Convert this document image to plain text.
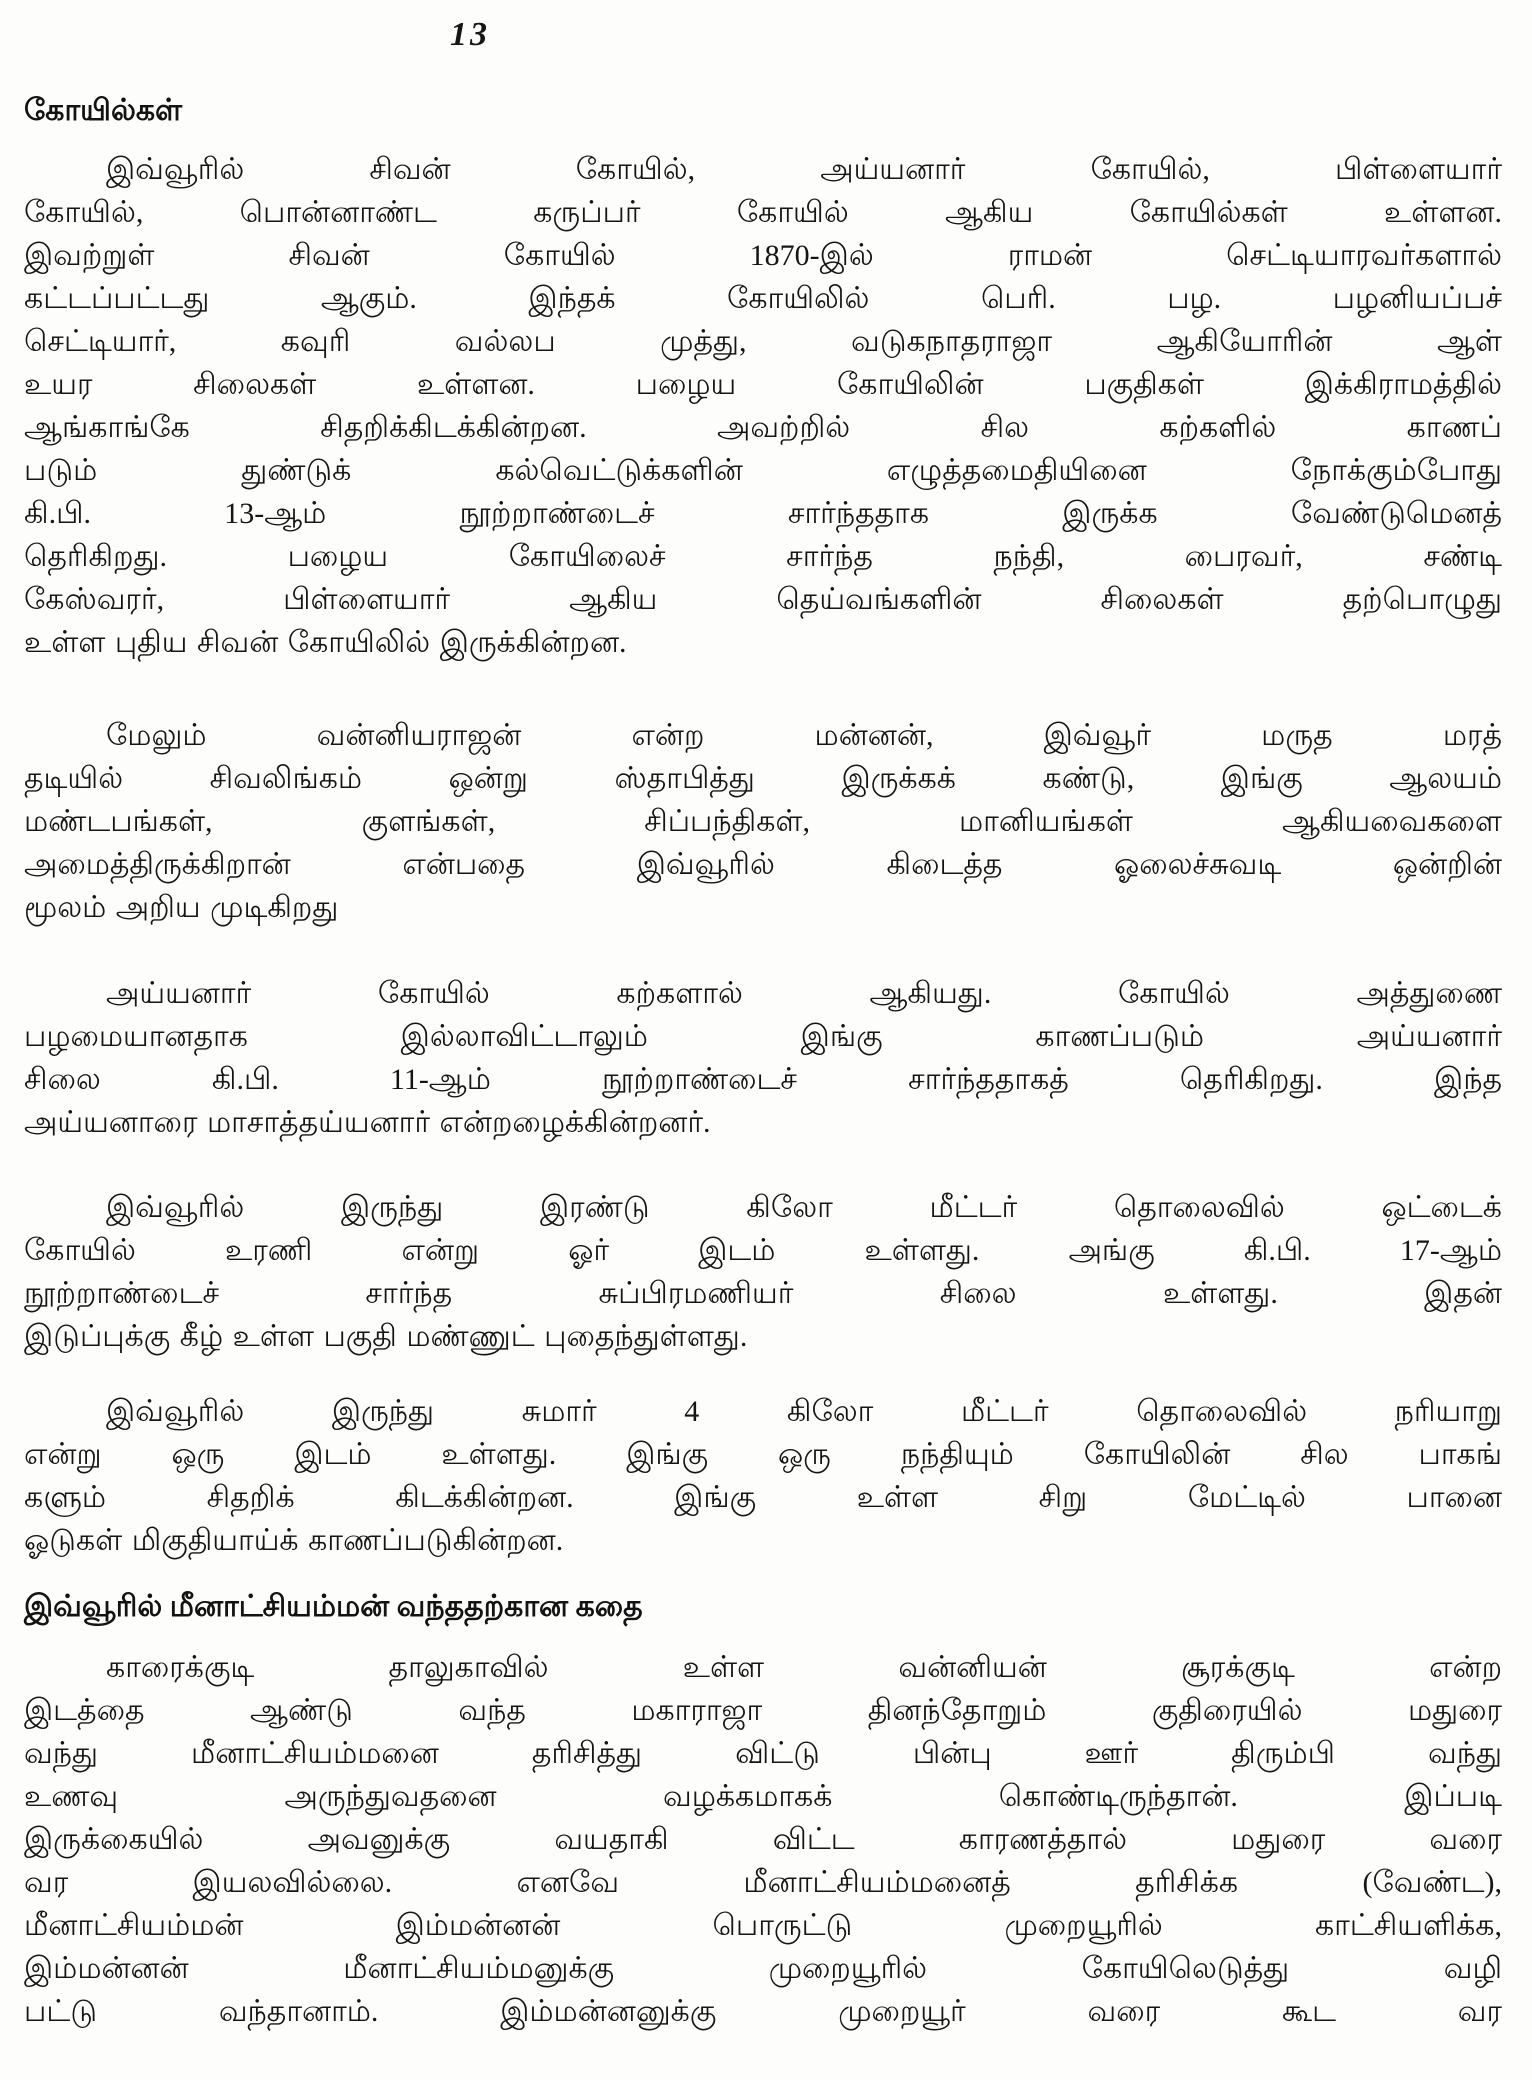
13
கோயில்கள்
இவ்வூரில் சிவன் கோயில், அய்யனார் கோயில், பிள்ளையார்
கோயில், பொன்னாண்ட கருப்பர் கோயில் ஆகிய கோயில்கள் உள்ளன.
இவற்றுள் சிவன் கோயில் 1870-இல் ராமன் செட்டியாரவர்களால்
கட்டப்பட்டது ஆகும். இந்தக் கோயிலில் பெரி. பழ. பழனியப்பச்
செட்டியார், கவுரி வல்லப முத்து, வடுகநாதராஜா ஆகியோரின் ஆள்
உயர சிலைகள் உள்ளன. பழைய கோயிலின் பகுதிகள் இக்கிராமத்தில்
ஆங்காங்கே சிதறிக்கிடக்கின்றன. அவற்றில் சில கற்களில் காணப்
படும் துண்டுக் கல்வெட்டுக்களின் எழுத்தமைதியினை நோக்கும்போது
கி.பி. 13-ஆம் நூற்றாண்டைச் சார்ந்ததாக இருக்க வேண்டுமெனத்
தெரிகிறது. பழைய கோயிலைச் சார்ந்த நந்தி, பைரவர், சண்டி
கேஸ்வரர், பிள்ளையார் ஆகிய தெய்வங்களின் சிலைகள் தற்பொழுது
உள்ள புதிய சிவன் கோயிலில் இருக்கின்றன.
மேலும் வன்னியராஜன் என்ற மன்னன், இவ்வூர் மருத மரத்
தடியில் சிவலிங்கம் ஒன்று ஸ்தாபித்து இருக்கக் கண்டு, இங்கு ஆலயம்
மண்டபங்கள், குளங்கள், சிப்பந்திகள், மானியங்கள் ஆகியவைகளை
அமைத்திருக்கிறான் என்பதை இவ்வூரில் கிடைத்த ஓலைச்சுவடி ஒன்றின்
மூலம் அறிய முடிகிறது
அய்யனார் கோயில் கற்களால் ஆகியது. கோயில் அத்துணை
பழமையானதாக இல்லாவிட்டாலும் இங்கு காணப்படும் அய்யனார்
சிலை கி.பி. 11-ஆம் நூற்றாண்டைச் சார்ந்ததாகத் தெரிகிறது. இந்த
அய்யனாரை மாசாத்தய்யனார் என்றழைக்கின்றனர்.
இவ்வூரில் இருந்து இரண்டு கிலோ மீட்டர் தொலைவில் ஒட்டைக்
கோயில் உரணி என்று ஓர் இடம் உள்ளது. அங்கு கி.பி. 17-ஆம்
நூற்றாண்டைச் சார்ந்த சுப்பிரமணியர் சிலை உள்ளது. இதன்
இடுப்புக்கு கீழ் உள்ள பகுதி மண்ணுட் புதைந்துள்ளது.
இவ்வூரில் இருந்து சுமார் 4 கிலோ மீட்டர் தொலைவில் நரியாறு
என்று ஒரு இடம் உள்ளது. இங்கு ஒரு நந்தியும் கோயிலின் சில பாகங்
களும் சிதறிக் கிடக்கின்றன. இங்கு உள்ள சிறு மேட்டில் பானை
ஓடுகள் மிகுதியாய்க் காணப்படுகின்றன.
இவ்வூரில் மீனாட்சியம்மன் வந்ததற்கான கதை
காரைக்குடி தாலுகாவில் உள்ள வன்னியன் சூரக்குடி என்ற
இடத்தை ஆண்டு வந்த மகாராஜா தினந்தோறும் குதிரையில் மதுரை
வந்து மீனாட்சியம்மனை தரிசித்து விட்டு பின்பு ஊர் திரும்பி வந்து
உணவு அருந்துவதனை வழக்கமாகக் கொண்டிருந்தான். இப்படி
இருக்கையில் அவனுக்கு வயதாகி விட்ட காரணத்தால் மதுரை வரை
வர இயலவில்லை. எனவே மீனாட்சியம்மனைத் தரிசிக்க (வேண்ட),
மீனாட்சியம்மன் இம்மன்னன் பொருட்டு முறையூரில் காட்சியளிக்க,
இம்மன்னன் மீனாட்சியம்மனுக்கு முறையூரில் கோயிலெடுத்து வழி
பட்டு வந்தானாம். இம்மன்னனுக்கு முறையூர் வரை கூட வர
